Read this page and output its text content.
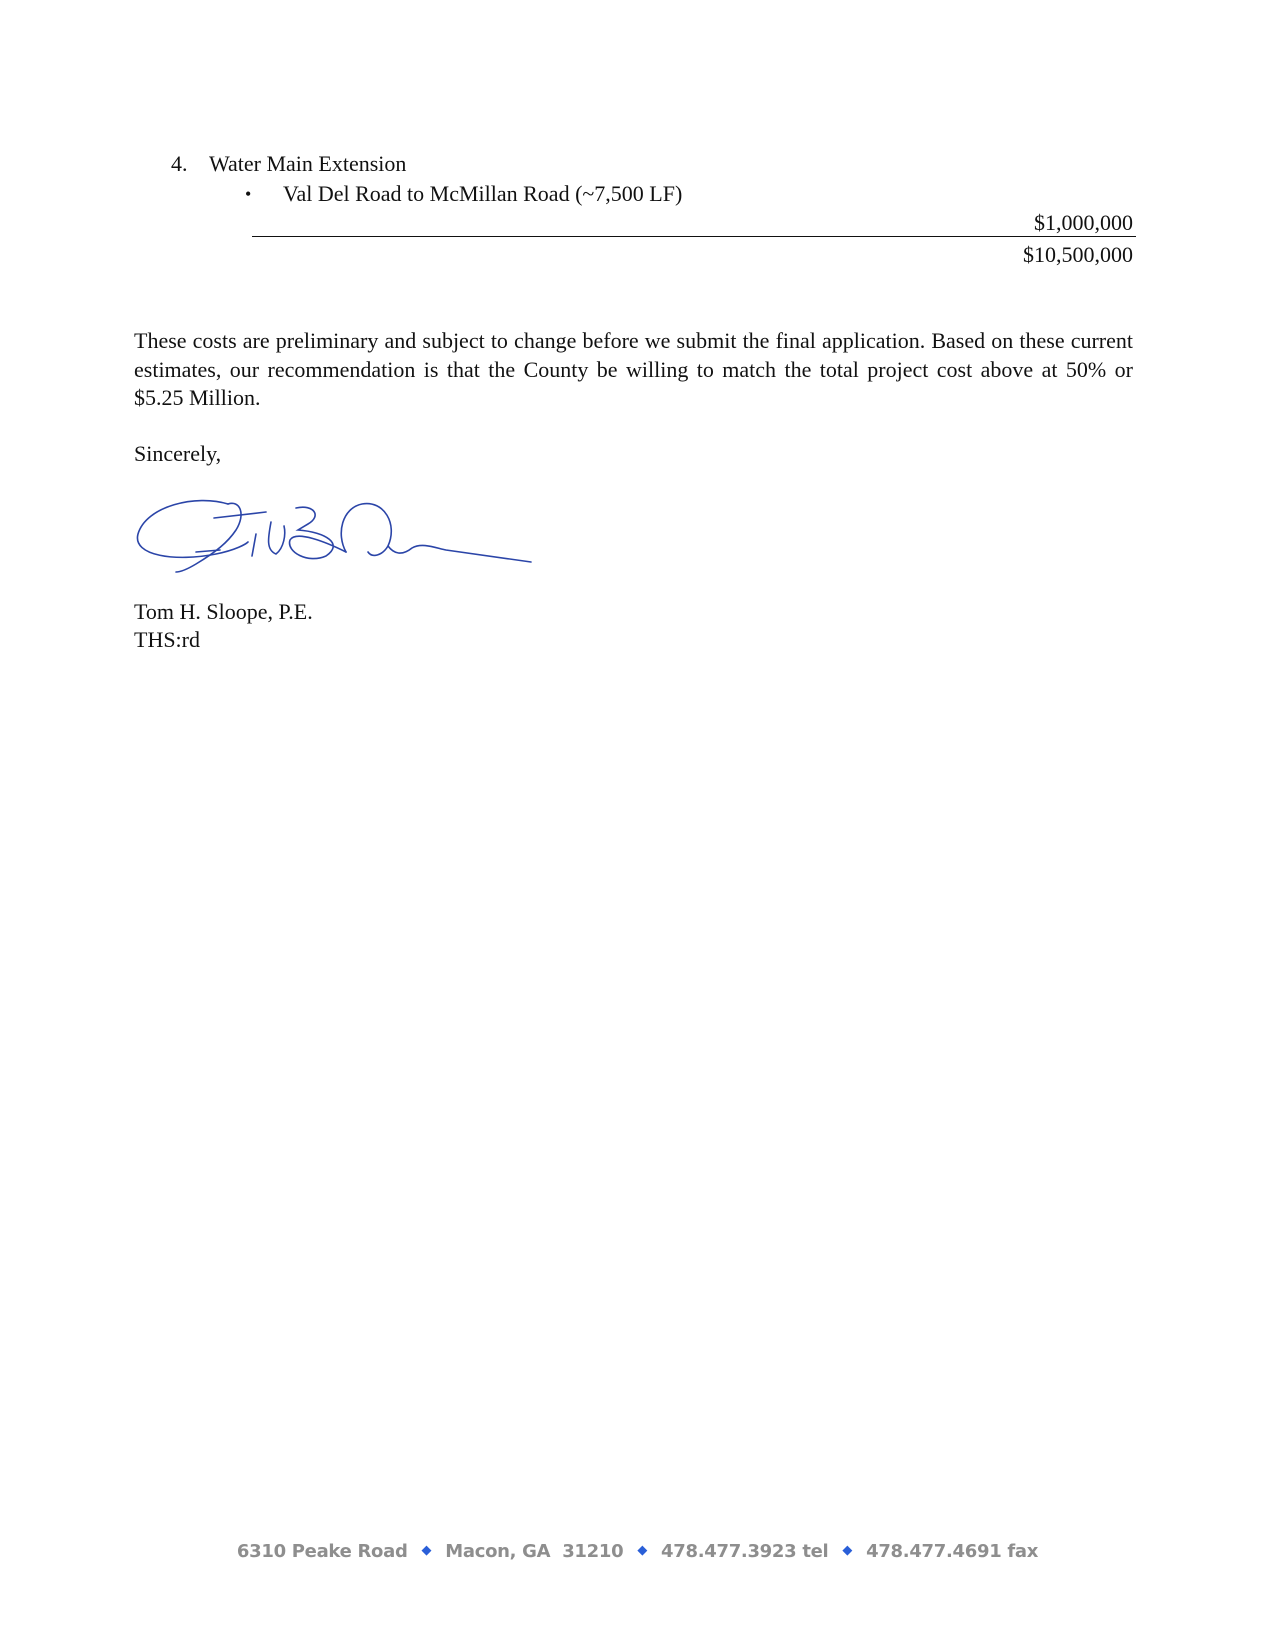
4. Water Main Extension
• Val Del Road to McMillan Road (~7,500 LF)
$1,000,000
$10,500,000
These costs are preliminary and subject to change before we submit the final application. Based on these current estimates, our recommendation is that the County be willing to match the total project cost above at 50% or $5.25 Million.
Sincerely,
Tom H. Sloope, P.E.
THS:rd
6310 Peake Road ◆ Macon, GA  31210 ◆ 478.477.3923 tel ◆ 478.477.4691 fax
